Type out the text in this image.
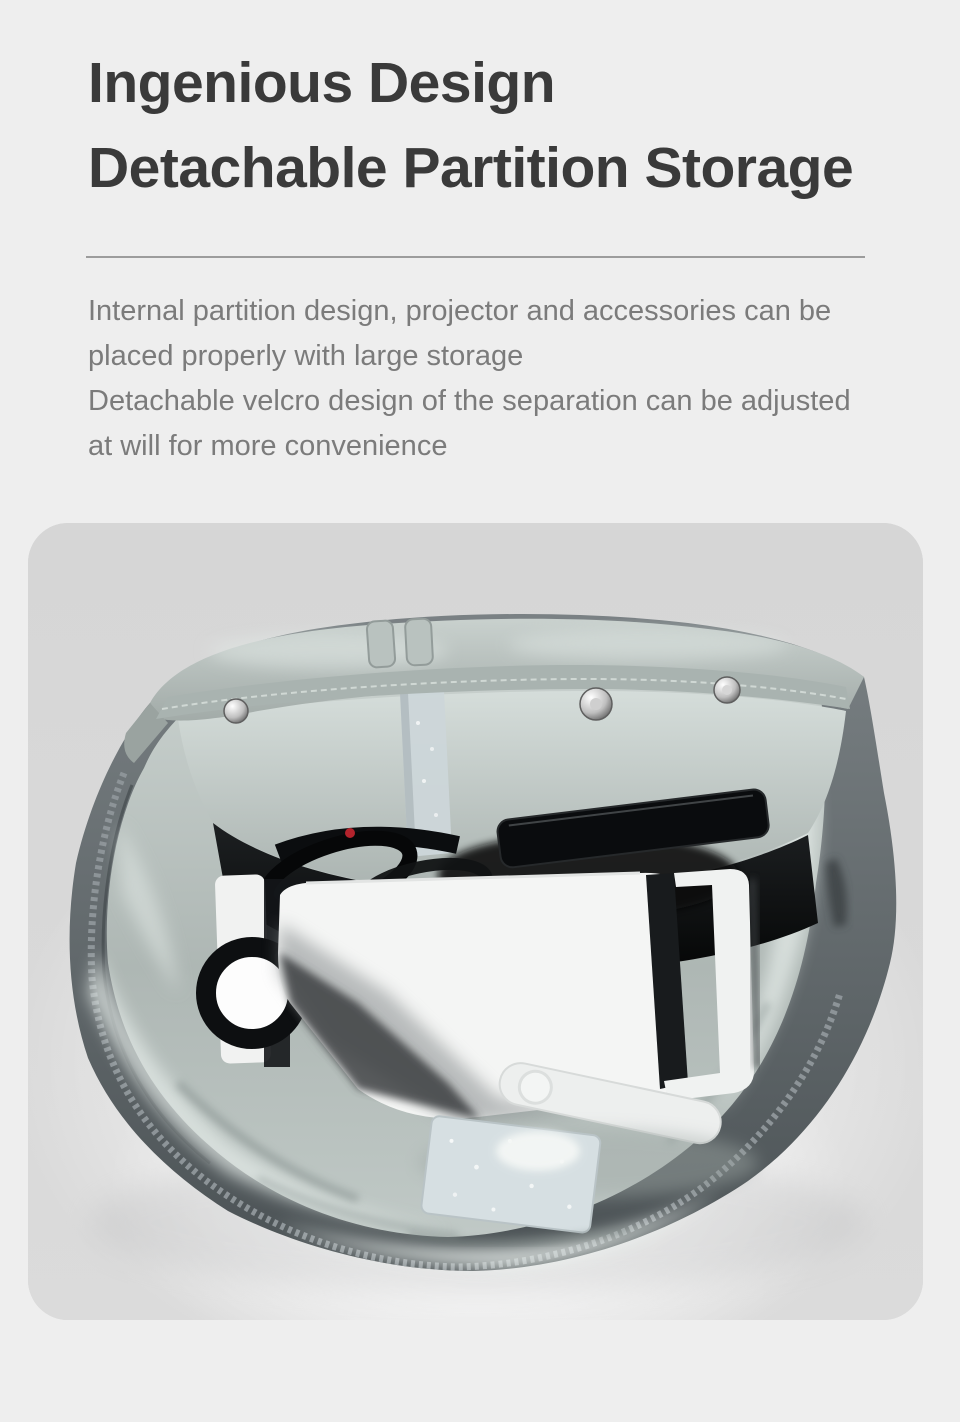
Ingenious Design
Detachable Partition Storage
Internal partition design, projector and accessories can be
placed properly with large storage
Detachable velcro design of the separation can be adjusted
at will for more convenience
